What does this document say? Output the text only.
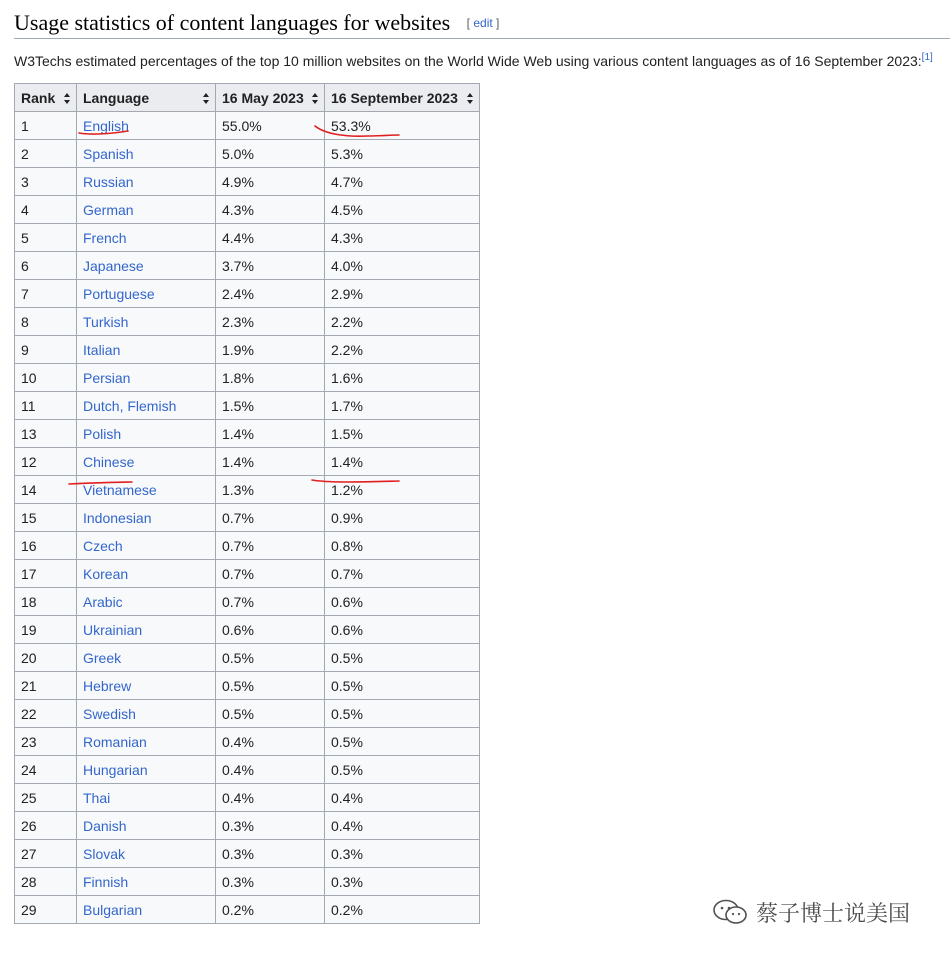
Usage statistics of content languages for websites [ edit ]
W3Techs estimated percentages of the top 10 million websites on the World Wide Web using various content languages as of 16 September 2023:[1]
Rank	Language	16 May 2023	16 September 2023

1	English	55.0%	53.3%
2	Spanish	5.0%	5.3%
3	Russian	4.9%	4.7%
4	German	4.3%	4.5%
5	French	4.4%	4.3%
6	Japanese	3.7%	4.0%
7	Portuguese	2.4%	2.9%
8	Turkish	2.3%	2.2%
9	Italian	1.9%	2.2%
10	Persian	1.8%	1.6%
11	Dutch, Flemish	1.5%	1.7%
13	Polish	1.4%	1.5%
12	Chinese	1.4%	1.4%
14	Vietnamese	1.3%	1.2%
15	Indonesian	0.7%	0.9%
16	Czech	0.7%	0.8%
17	Korean	0.7%	0.7%
18	Arabic	0.7%	0.6%
19	Ukrainian	0.6%	0.6%
20	Greek	0.5%	0.5%
21	Hebrew	0.5%	0.5%
22	Swedish	0.5%	0.5%
23	Romanian	0.4%	0.5%
24	Hungarian	0.4%	0.5%
25	Thai	0.4%	0.4%
26	Danish	0.3%	0.4%
27	Slovak	0.3%	0.3%
28	Finnish	0.3%	0.3%
29	Bulgarian	0.2%	0.2%	蔡子博士说美国
